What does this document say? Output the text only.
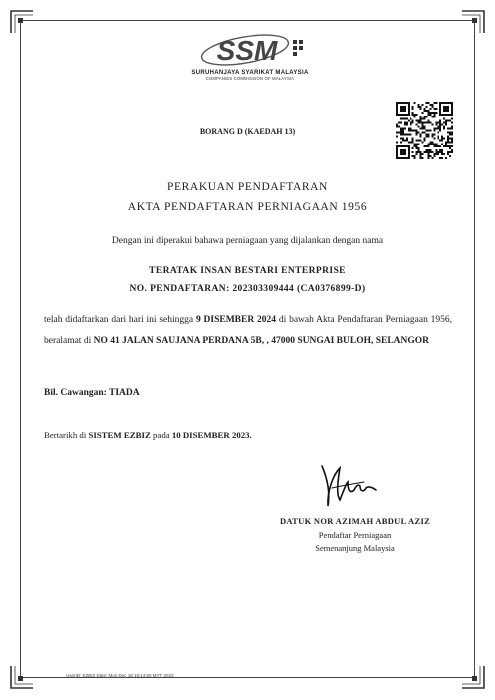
SSM
SURUHANJAYA SYARIKAT MALAYSIA
COMPANIES COMMISSION OF MALAYSIA
BORANG D (KAEDAH 13)
PERAKUAN PENDAFTARAN
AKTA PENDAFTARAN PERNIAGAAN 1956
Dengan ini diperakui bahawa perniagaan yang dijalankan dengan nama
TERATAK INSAN BESTARI ENTERPRISE
NO. PENDAFTARAN: 202303309444 (CA0376899-D)
telah didaftarkan dari hari ini sehingga 9 DISEMBER 2024 di bawah Akta Pendaftaran Perniagaan 1956, beralamat di NO 41 JALAN SAUJANA PERDANA 5B, , 47000 SUNGAI BULOH, SELANGOR
Bil. Cawangan: TIADA
Bertarikh di SISTEM EZBIZ pada 10 DISEMBER 2023.
DATUK NOR AZIMAH ABDUL AZIZ
Pendaftar Perniagaan
Semenanjung Malaysia
UserID: EZBIZ Date: Mon Dec 18 19:14:50 MYT 2023
